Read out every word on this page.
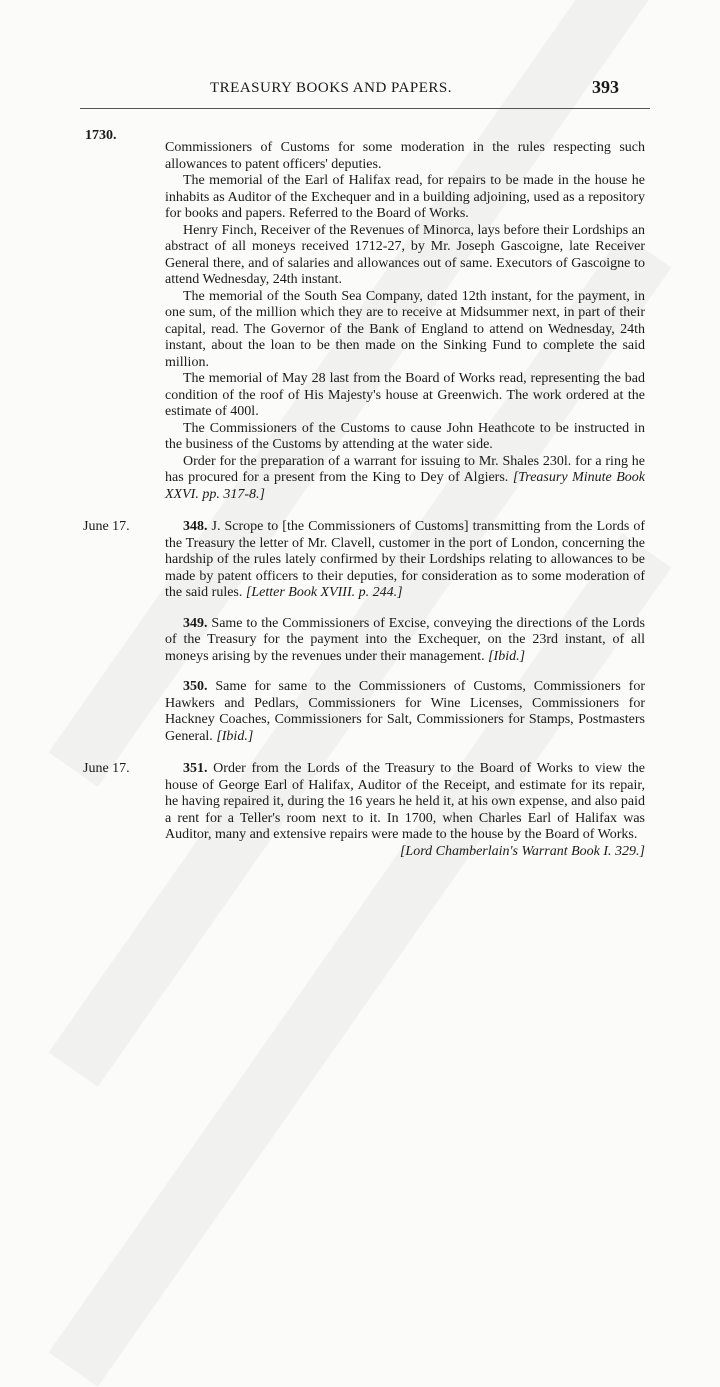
TREASURY BOOKS AND PAPERS.	393
1730.

Commissioners of Customs for some moderation in the rules respecting such allowances to patent officers' deputies.

The memorial of the Earl of Halifax read, for repairs to be made in the house he inhabits as Auditor of the Exchequer and in a building adjoining, used as a repository for books and papers. Referred to the Board of Works.

Henry Finch, Receiver of the Revenues of Minorca, lays before their Lordships an abstract of all moneys received 1712-27, by Mr. Joseph Gascoigne, late Receiver General there, and of salaries and allowances out of same. Executors of Gascoigne to attend Wednesday, 24th instant.

The memorial of the South Sea Company, dated 12th instant, for the payment, in one sum, of the million which they are to receive at Midsummer next, in part of their capital, read. The Governor of the Bank of England to attend on Wednesday, 24th instant, about the loan to be then made on the Sinking Fund to complete the said million.

The memorial of May 28 last from the Board of Works read, representing the bad condition of the roof of His Majesty's house at Greenwich. The work ordered at the estimate of 400l.

The Commissioners of the Customs to cause John Heathcote to be instructed in the business of the Customs by attending at the water side.

Order for the preparation of a warrant for issuing to Mr. Shales 230l. for a ring he has procured for a present from the King to Dey of Algiers. [Treasury Minute Book XXVI. pp. 317-8.]

June 17.	348. J. Scrope to [the Commissioners of Customs] transmitting from the Lords of the Treasury the letter of Mr. Clavell, customer in the port of London, concerning the hardship of the rules lately confirmed by their Lordships relating to allowances to be made by patent officers to their deputies, for consideration as to some moderation of the said rules. [Letter Book XVIII. p. 244.]

349. Same to the Commissioners of Excise, conveying the directions of the Lords of the Treasury for the payment into the Exchequer, on the 23rd instant, of all moneys arising by the revenues under their management. [Ibid.]

350. Same for same to the Commissioners of Customs, Commissioners for Hawkers and Pedlars, Commissioners for Wine Licenses, Commissioners for Hackney Coaches, Commissioners for Salt, Commissioners for Stamps, Postmasters General. [Ibid.]

June 17.	351. Order from the Lords of the Treasury to the Board of Works to view the house of George Earl of Halifax, Auditor of the Receipt, and estimate for its repair, he having repaired it, during the 16 years he held it, at his own expense, and also paid a rent for a Teller's room next to it. In 1700, when Charles Earl of Halifax was Auditor, many and extensive repairs were made to the house by the Board of Works.

[Lord Chamberlain's Warrant Book I. 329.]
